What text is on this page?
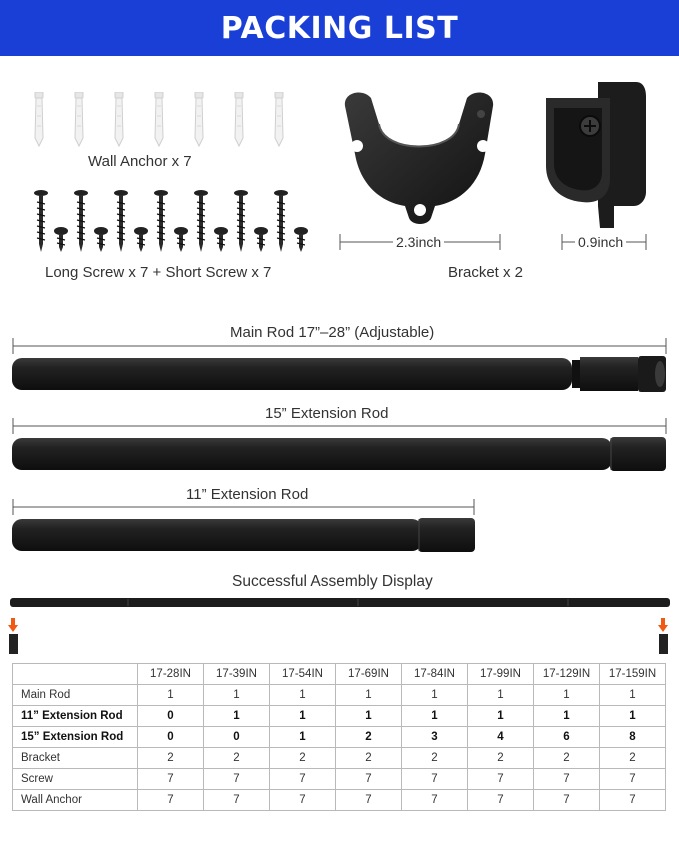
PACKING LIST
Wall Anchor x 7
Long Screw x 7 + Short Screw x 7
2.3inch	0.9inch
Bracket x 2
Main Rod 17”–28” (Adjustable)
15” Extension Rod
11” Extension Rod
Successful Assembly Display
	17-28IN	17-39IN	17-54IN	17-69IN	17-84IN	17-99IN	17-129IN	17-159IN
Main Rod	1	1	1	1	1	1	1	1
11” Extension Rod	0	1	1	1	1	1	1	1
15” Extension Rod	0	0	1	2	3	4	6	8
Bracket	2	2	2	2	2	2	2	2
Screw	7	7	7	7	7	7	7	7
Wall Anchor	7	7	7	7	7	7	7	7
